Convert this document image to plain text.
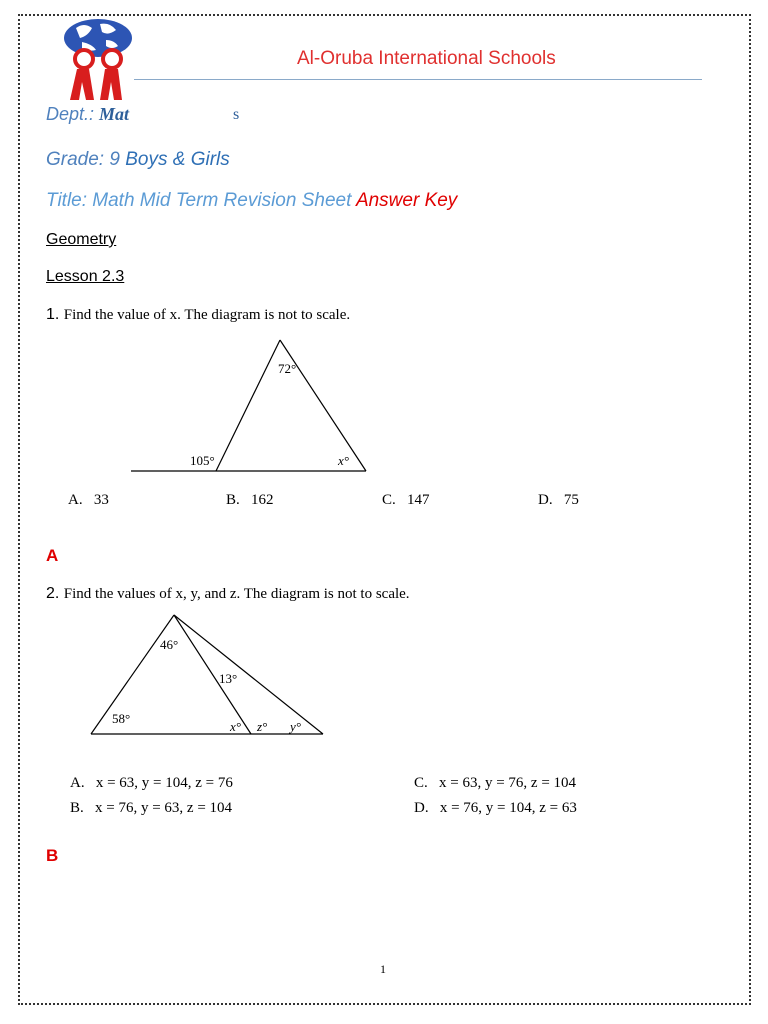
Al-Oruba International Schools
Dept.: Mat	s
Grade: 9 Boys & Girls
Title: Math Mid Term Revision Sheet Answer Key
Geometry
Lesson 2.3
1. Find the value of x. The diagram is not to scale.
72°
105°	x°
A. 33	B. 162	C. 147	D. 75
A
2. Find the values of x, y, and z. The diagram is not to scale.
46°
13°
58°
x° z° y°
A. x = 63, y = 104, z = 76
B. x = 76, y = 63, z = 104
C. x = 63, y = 76, z = 104
D. x = 76, y = 104, z = 63
B
1
